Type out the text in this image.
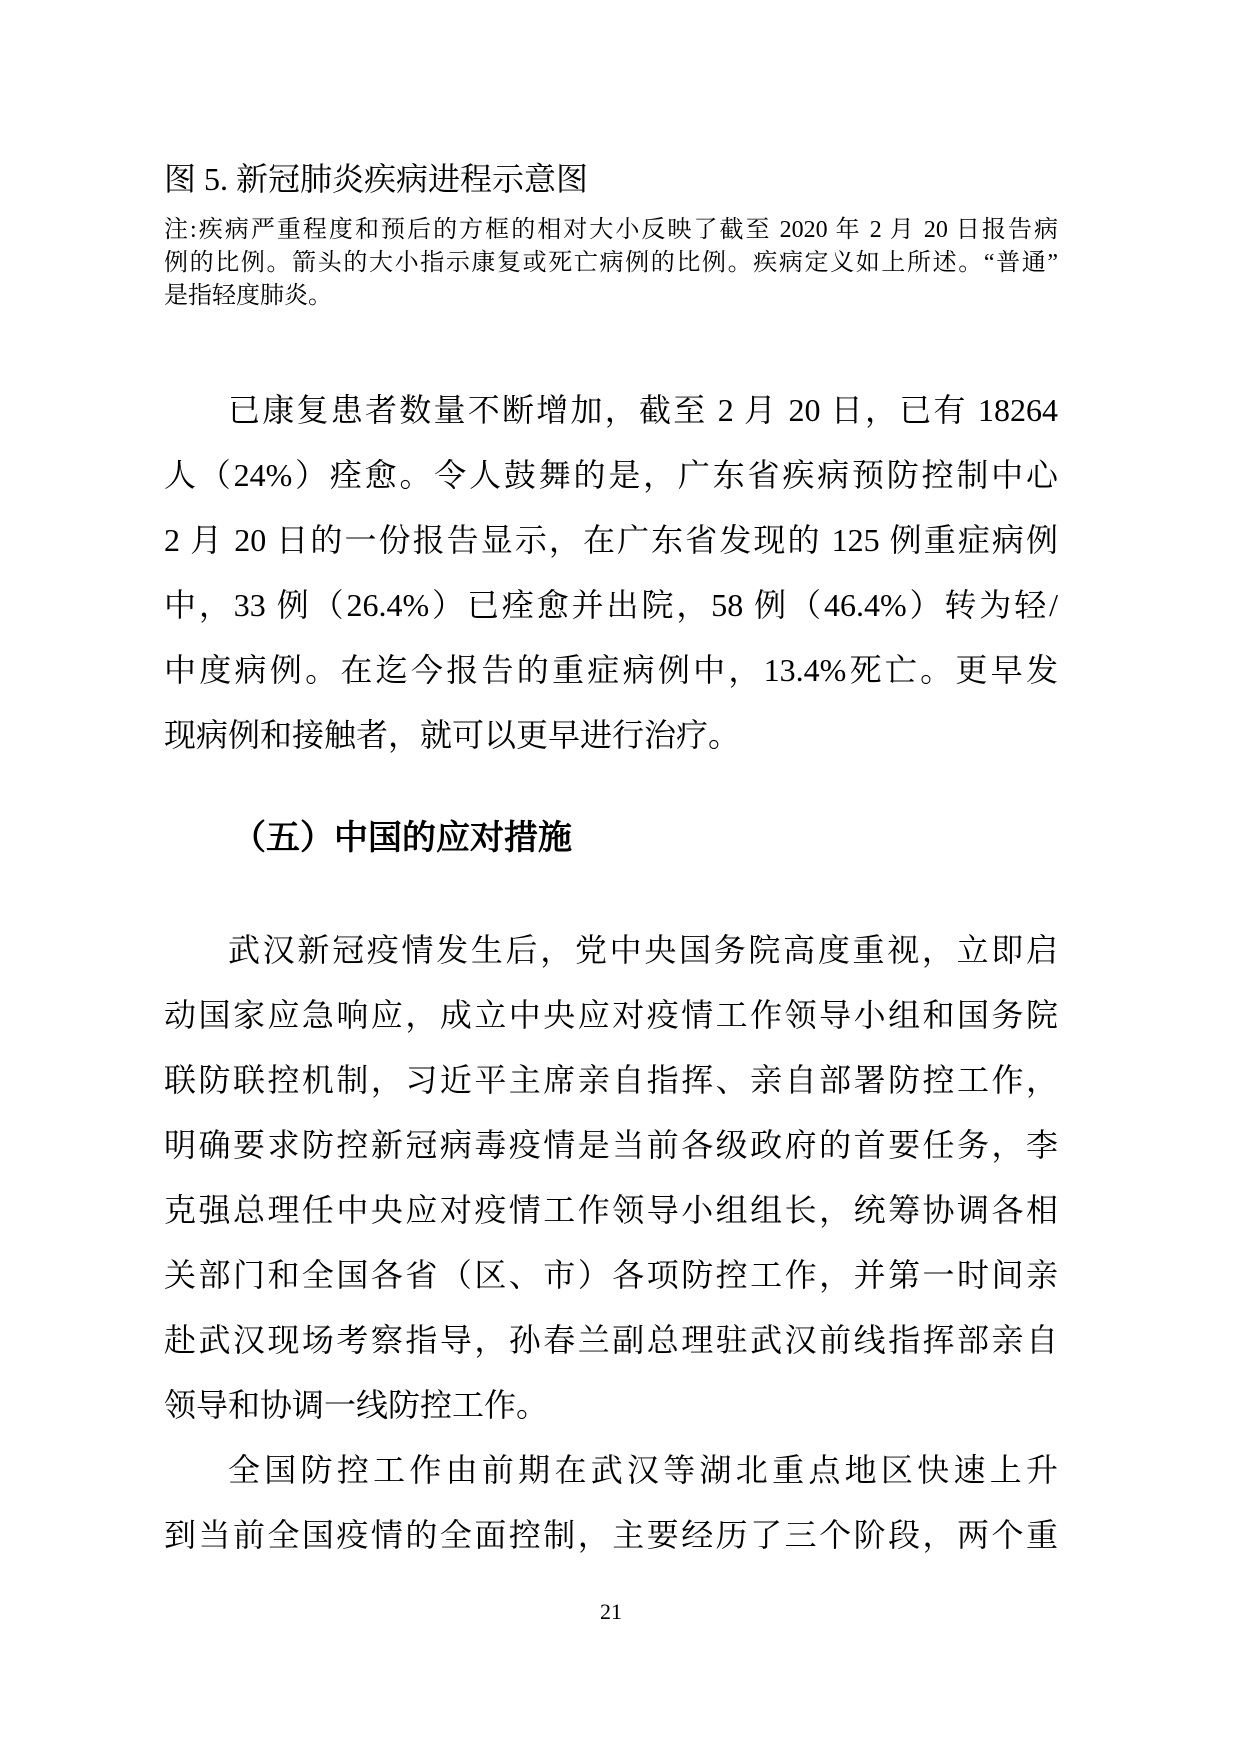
图 5. 新冠肺炎疾病进程示意图
注:疾病严重程度和预后的方框的相对大小反映了截至 2020 年 2 月 20 日报告病
例的比例。箭头的大小指示康复或死亡病例的比例。疾病定义如上所述。“普通”
是指轻度肺炎。
已康复患者数量不断增加，截至 2 月 20 日，已有 18264
人（24%）痊愈。令人鼓舞的是，广东省疾病预防控制中心
2 月 20 日的一份报告显示，在广东省发现的 125 例重症病例
中，33 例（26.4%）已痊愈并出院，58 例（46.4%）转为轻/
中度病例。在迄今报告的重症病例中，13.4%死亡。更早发
现病例和接触者，就可以更早进行治疗。
（五）中国的应对措施
武汉新冠疫情发生后，党中央国务院高度重视，立即启
动国家应急响应，成立中央应对疫情工作领导小组和国务院
联防联控机制，习近平主席亲自指挥、亲自部署防控工作，
明确要求防控新冠病毒疫情是当前各级政府的首要任务，李
克强总理任中央应对疫情工作领导小组组长，统筹协调各相
关部门和全国各省（区、市）各项防控工作，并第一时间亲
赴武汉现场考察指导，孙春兰副总理驻武汉前线指挥部亲自
领导和协调一线防控工作。
全国防控工作由前期在武汉等湖北重点地区快速上升
到当前全国疫情的全面控制，主要经历了三个阶段，两个重
21
